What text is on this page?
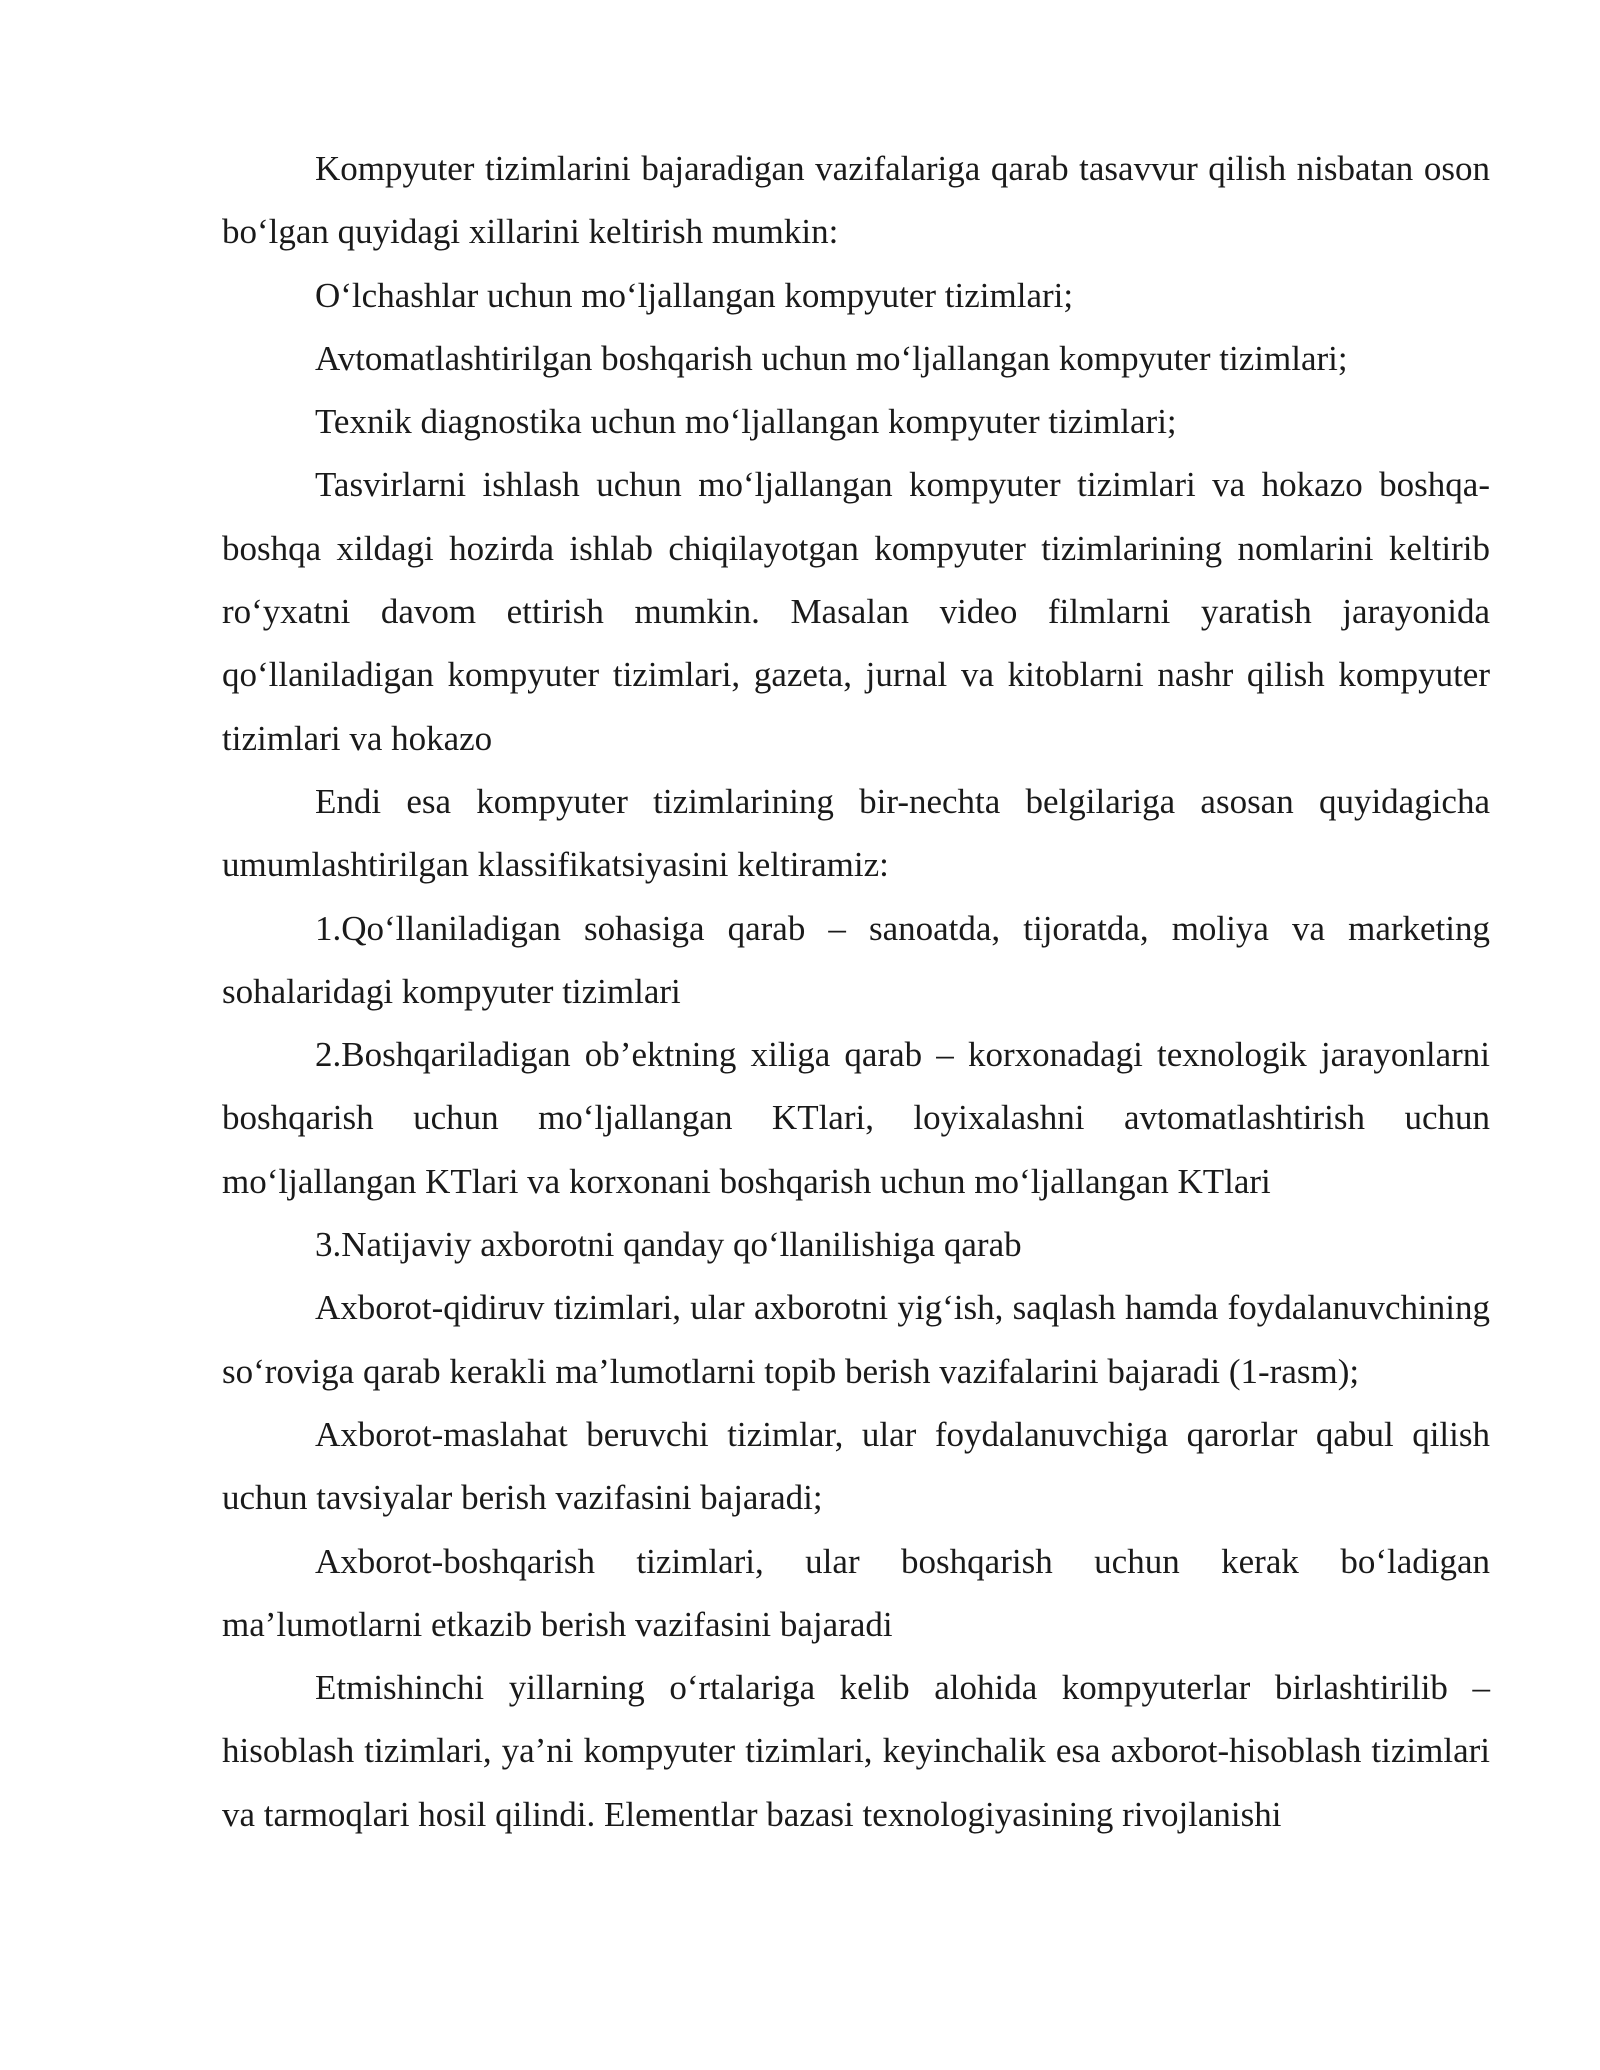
Kompyuter tizimlarini bajaradigan vazifalariga qarab tasavvur qilish nisbatan oson bo‘lgan quyidagi xillarini keltirish mumkin:

O‘lchashlar uchun mo‘ljallangan kompyuter tizimlari;

Avtomatlashtirilgan boshqarish uchun mo‘ljallangan kompyuter tizimlari;

Texnik diagnostika uchun mo‘ljallangan kompyuter tizimlari;

Tasvirlarni ishlash uchun mo‘ljallangan kompyuter tizimlari va hokazo boshqa-boshqa xildagi hozirda ishlab chiqilayotgan kompyuter tizimlarining nomlarini keltirib ro‘yxatni davom ettirish mumkin. Masalan video filmlarni yaratish jarayonida qo‘llaniladigan kompyuter tizimlari, gazeta, jurnal va kitoblarni nashr qilish kompyuter tizimlari va hokazo

Endi esa kompyuter tizimlarining bir-nechta belgilariga asosan quyidagicha umumlashtirilgan klassifikatsiyasini keltiramiz:

1.Qo‘llaniladigan sohasiga qarab – sanoatda, tijoratda, moliya va marketing sohalaridagi kompyuter tizimlari

2.Boshqariladigan ob’ektning xiliga qarab – korxonadagi texnologik jarayonlarni boshqarish uchun mo‘ljallangan KTlari, loyixalashni avtomatlashtirish uchun mo‘ljallangan KTlari va korxonani boshqarish uchun mo‘ljallangan KTlari

3.Natijaviy axborotni qanday qo‘llanilishiga qarab

Axborot-qidiruv tizimlari, ular axborotni yig‘ish, saqlash hamda foydalanuvchining so‘roviga qarab kerakli ma’lumotlarni topib berish vazifalarini bajaradi (1-rasm);

Axborot-maslahat beruvchi tizimlar, ular foydalanuvchiga qarorlar qabul qilish uchun tavsiyalar berish vazifasini bajaradi;

Axborot-boshqarish tizimlari, ular boshqarish uchun kerak bo‘ladigan ma’lumotlarni etkazib berish vazifasini bajaradi

Etmishinchi yillarning o‘rtalariga kelib alohida kompyuterlar birlashtirilib – hisoblash tizimlari, ya’ni kompyuter tizimlari, keyinchalik esa axborot-hisoblash tizimlari va tarmoqlari hosil qilindi. Elementlar bazasi texnologiyasining rivojlanishi
